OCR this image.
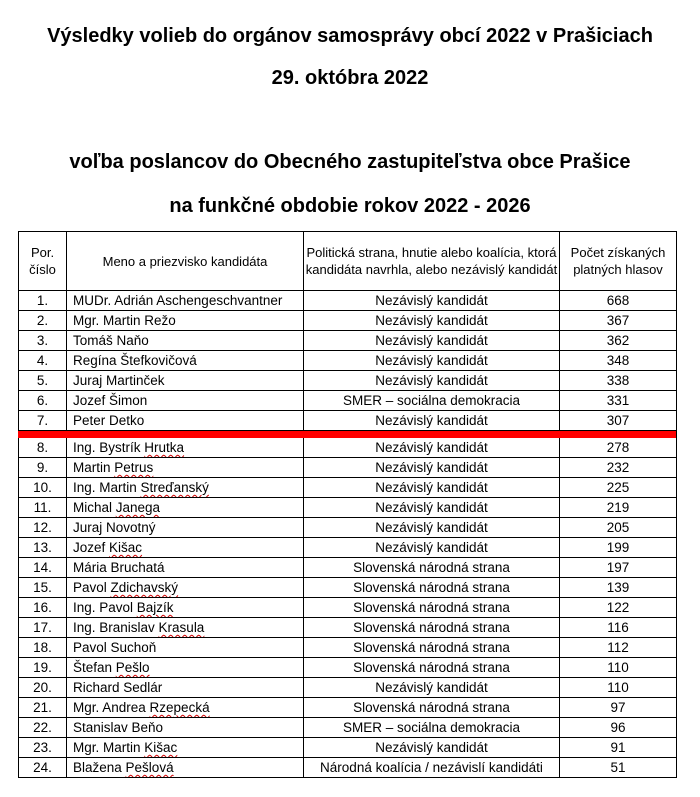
Výsledky volieb do orgánov samosprávy obcí 2022 v Prašiciach
29. októbra 2022
voľba poslancov do Obecného zastupiteľstva obce Prašice
na funkčné obdobie rokov 2022 - 2026
Por. číslo	Meno a priezvisko kandidáta	Politická strana, hnutie alebo koalícia, ktorá kandidáta navrhla, alebo nezávislý kandidát	Počet získaných platných hlasov
1.	MUDr. Adrián Aschengeschvantner	Nezávislý kandidát	668
2.	Mgr. Martin Režo	Nezávislý kandidát	367
3.	Tomáš Naňo	Nezávislý kandidát	362
4.	Regína Štefkovičová	Nezávislý kandidát	348
5.	Juraj Martinček	Nezávislý kandidát	338
6.	Jozef Šimon	SMER – sociálna demokracia	331
7.	Peter Detko	Nezávislý kandidát	307

8.	Ing. Bystrík Hrutka	Nezávislý kandidát	278
9.	Martin Petrus	Nezávislý kandidát	232
10.	Ing. Martin Streďanský	Nezávislý kandidát	225
11.	Michal Janega	Nezávislý kandidát	219
12.	Juraj Novotný	Nezávislý kandidát	205
13.	Jozef Kišac	Nezávislý kandidát	199
14.	Mária Bruchatá	Slovenská národná strana	197
15.	Pavol Zdichavský	Slovenská národná strana	139
16.	Ing. Pavol Bajzík	Slovenská národná strana	122
17.	Ing. Branislav Krasula	Slovenská národná strana	116
18.	Pavol Suchoň	Slovenská národná strana	112
19.	Štefan Pešlo	Slovenská národná strana	110
20.	Richard Sedlár	Nezávislý kandidát	110
21.	Mgr. Andrea Rzepecká	Slovenská národná strana	97
22.	Stanislav Beňo	SMER – sociálna demokracia	96
23.	Mgr. Martin Kišac	Nezávislý kandidát	91
24.	Blažena Pešlová	Národná koalícia / nezávislí kandidáti	51
